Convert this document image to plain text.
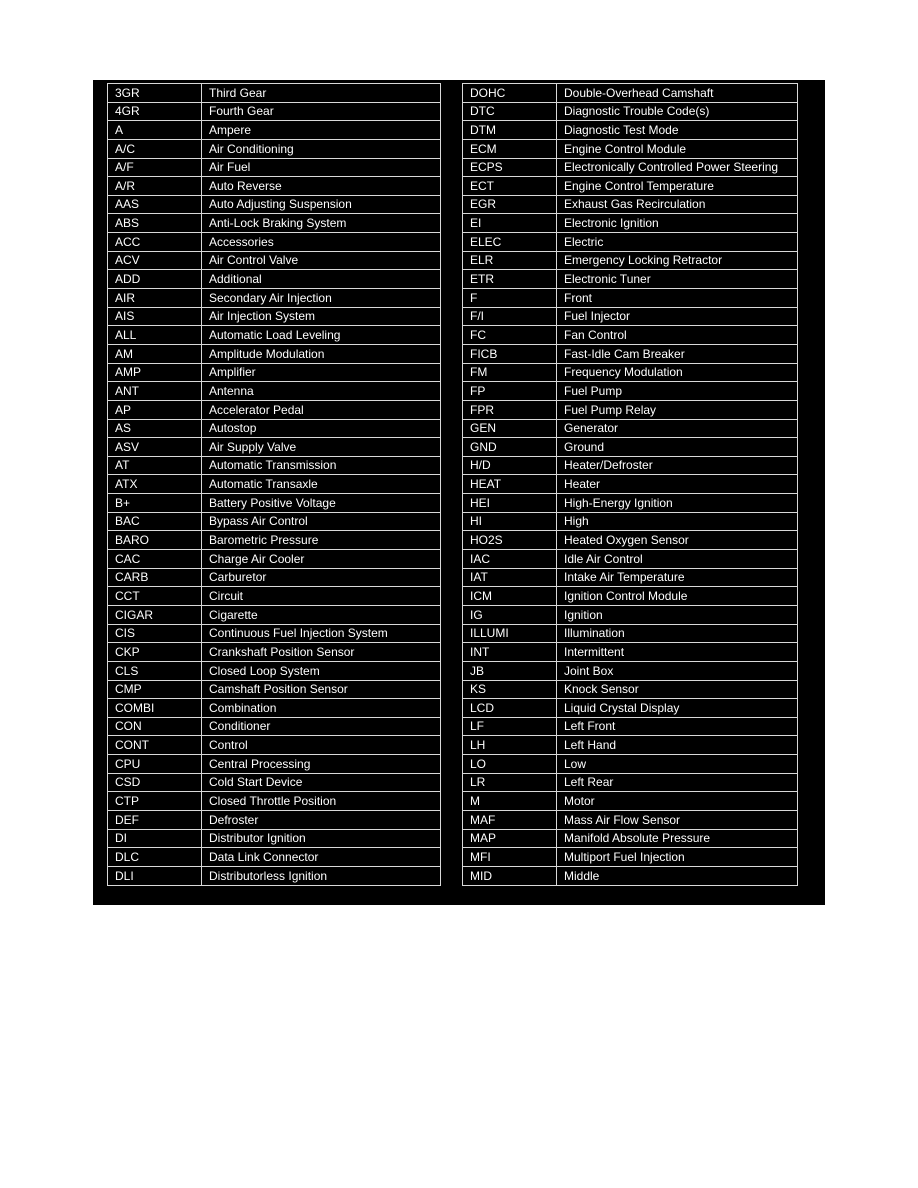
3GR	Third Gear
4GR	Fourth Gear
A	Ampere
A/C	Air Conditioning
A/F	Air Fuel
A/R	Auto Reverse
AAS	Auto Adjusting Suspension
ABS	Anti-Lock Braking System
ACC	Accessories
ACV	Air Control Valve
ADD	Additional
AIR	Secondary Air Injection
AIS	Air Injection System
ALL	Automatic Load Leveling
AM	Amplitude Modulation
AMP	Amplifier
ANT	Antenna
AP	Accelerator Pedal
AS	Autostop
ASV	Air Supply Valve
AT	Automatic Transmission
ATX	Automatic Transaxle
B+	Battery Positive Voltage
BAC	Bypass Air Control
BARO	Barometric Pressure
CAC	Charge Air Cooler
CARB	Carburetor
CCT	Circuit
CIGAR	Cigarette
CIS	Continuous Fuel Injection System
CKP	Crankshaft Position Sensor
CLS	Closed Loop System
CMP	Camshaft Position Sensor
COMBI	Combination
CON	Conditioner
CONT	Control
CPU	Central Processing
CSD	Cold Start Device
CTP	Closed Throttle Position
DEF	Defroster
DI	Distributor Ignition
DLC	Data Link Connector
DLI	Distributorless Ignition
DOHC	Double-Overhead Camshaft
DTC	Diagnostic Trouble Code(s)
DTM	Diagnostic Test Mode
ECM	Engine Control Module
ECPS	Electronically Controlled Power Steering
ECT	Engine Control Temperature
EGR	Exhaust Gas Recirculation
EI	Electronic Ignition
ELEC	Electric
ELR	Emergency Locking Retractor
ETR	Electronic Tuner
F	Front
F/I	Fuel Injector
FC	Fan Control
FICB	Fast-Idle Cam Breaker
FM	Frequency Modulation
FP	Fuel Pump
FPR	Fuel Pump Relay
GEN	Generator
GND	Ground
H/D	Heater/Defroster
HEAT	Heater
HEI	High-Energy Ignition
HI	High
HO2S	Heated Oxygen Sensor
IAC	Idle Air Control
IAT	Intake Air Temperature
ICM	Ignition Control Module
IG	Ignition
ILLUMI	Illumination
INT	Intermittent
JB	Joint Box
KS	Knock Sensor
LCD	Liquid Crystal Display
LF	Left Front
LH	Left Hand
LO	Low
LR	Left Rear
M	Motor
MAF	Mass Air Flow Sensor
MAP	Manifold Absolute Pressure
MFI	Multiport Fuel Injection
MID	Middle
